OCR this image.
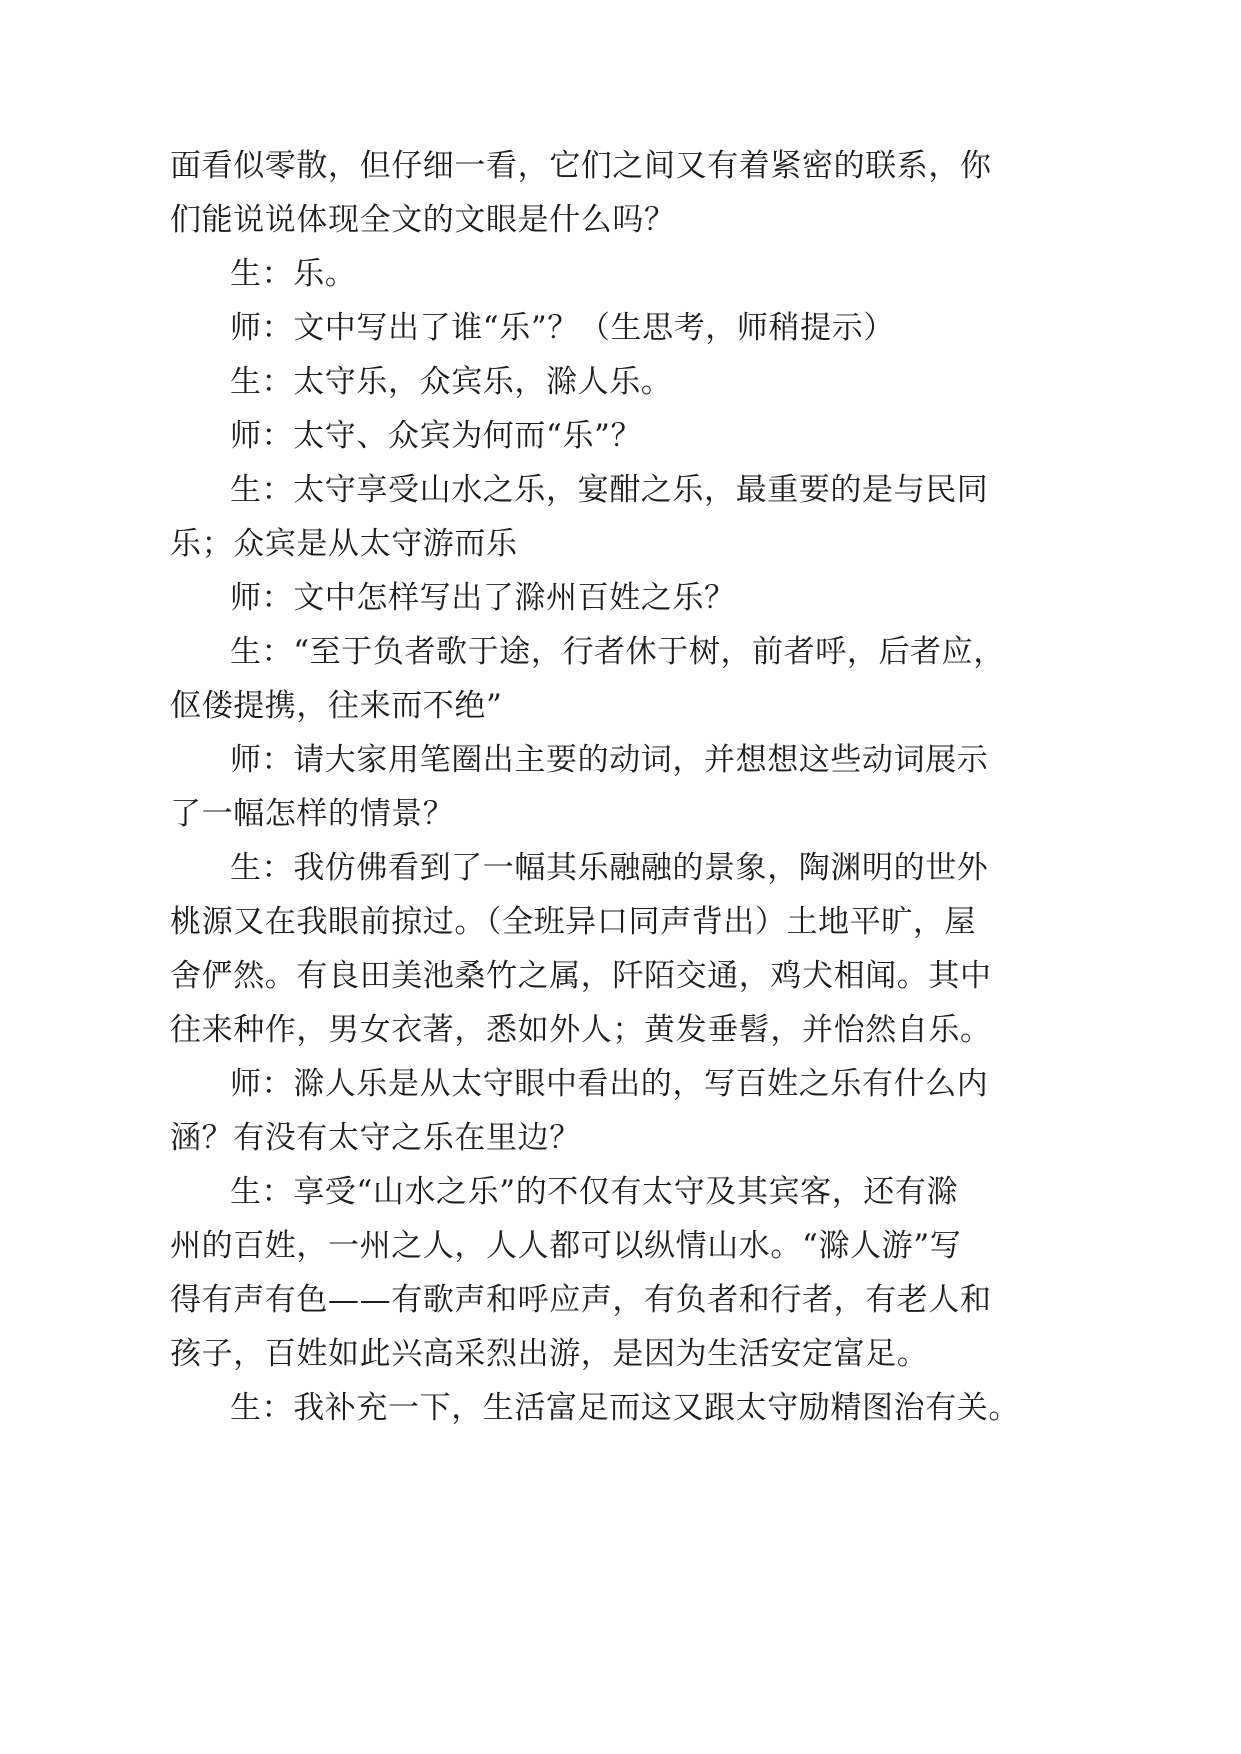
面看似零散，但仔细一看，它们之间又有着紧密的联系，你

们能说说体现全文的文眼是什么吗？

生：乐。

师：文中写出了谁“乐”？（生思考，师稍提示）

生：太守乐，众宾乐，滁人乐。

师：太守、众宾为何而“乐”？

生：太守享受山水之乐，宴酣之乐，最重要的是与民同

乐；众宾是从太守游而乐

师：文中怎样写出了滁州百姓之乐？

生：“至于负者歌于途，行者休于树，前者呼，后者应，

伛偻提携，往来而不绝”

师：请大家用笔圈出主要的动词，并想想这些动词展示

了一幅怎样的情景？

生：我仿佛看到了一幅其乐融融的景象，陶渊明的世外

桃源又在我眼前掠过。（全班异口同声背出）土地平旷，屋

舍俨然。有良田美池桑竹之属，阡陌交通，鸡犬相闻。其中

往来种作，男女衣著，悉如外人；黄发垂髫，并怡然自乐。

师：滁人乐是从太守眼中看出的，写百姓之乐有什么内

涵？有没有太守之乐在里边？

生：享受“山水之乐”的不仅有太守及其宾客，还有滁

州的百姓，一州之人，人人都可以纵情山水。“滁人游”写

得有声有色——有歌声和呼应声，有负者和行者，有老人和

孩子，百姓如此兴高采烈出游，是因为生活安定富足。

生：我补充一下，生活富足而这又跟太守励精图治有关。
